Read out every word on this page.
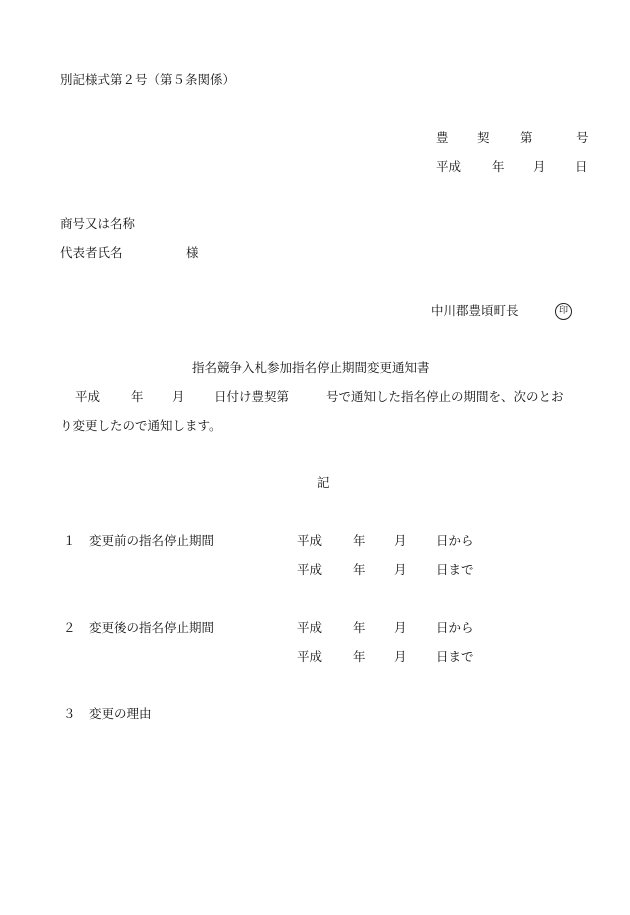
別記様式第２号（第５条関係）
豊 契 第	号
平成 年 月 日
商号又は名称
代表者氏名	様
中川郡豊頃町長	印
指名競争入札参加指名停止期間変更通知書
平成 年 月 日付け豊契第	号で通知した指名停止の期間を、次のとお
り変更したので通知します。
記
１ 変更前の指名停止期間	平成 年 月 日から
平成 年 月 日まで
２ 変更後の指名停止期間	平成 年 月 日から
平成 年 月 日まで
３ 変更の理由
